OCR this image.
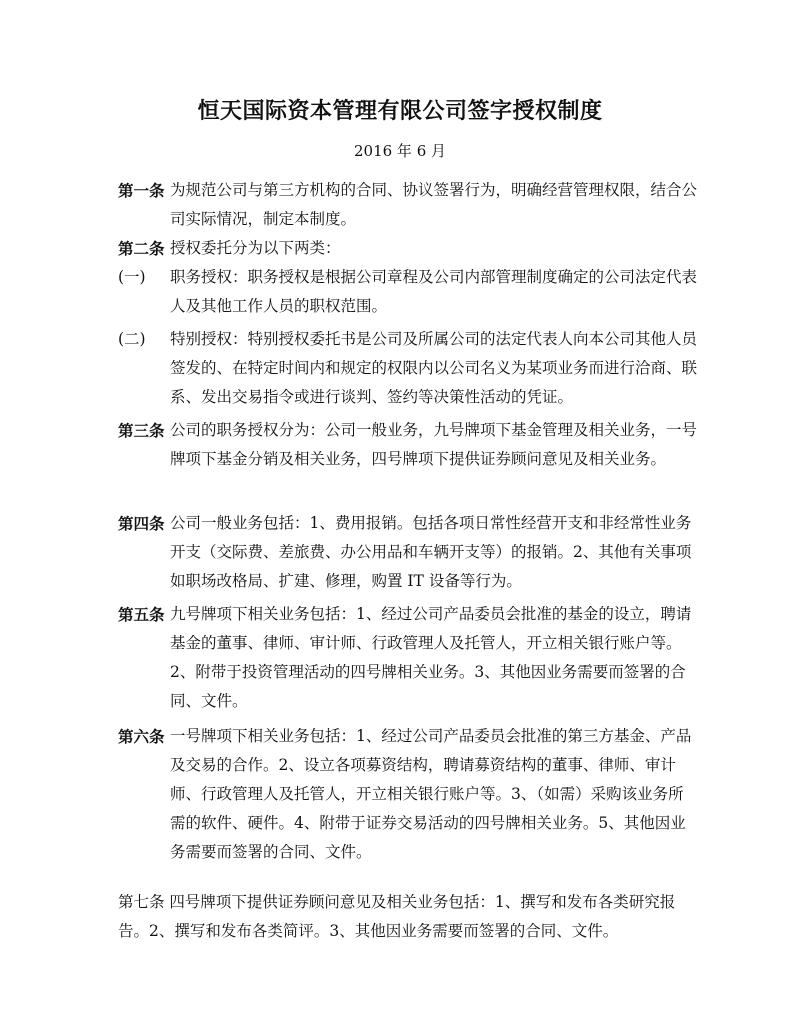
恒天国际资本管理有限公司签字授权制度
2016 年 6 月
第一条 为规范公司与第三方机构的合同、协议签署行为，明确经营管理权限，结合公司实际情况，制定本制度。
第二条 授权委托分为以下两类：
(一) 职务授权：职务授权是根据公司章程及公司内部管理制度确定的公司法定代表人及其他工作人员的职权范围。
(二) 特别授权：特别授权委托书是公司及所属公司的法定代表人向本公司其他人员签发的、在特定时间内和规定的权限内以公司名义为某项业务而进行洽商、联系、发出交易指令或进行谈判、签约等决策性活动的凭证。
第三条 公司的职务授权分为：公司一般业务，九号牌项下基金管理及相关业务，一号牌项下基金分销及相关业务，四号牌项下提供证券顾问意见及相关业务。
第四条 公司一般业务包括：1、费用报销。包括各项日常性经营开支和非经常性业务开支（交际费、差旅费、办公用品和车辆开支等）的报销。2、其他有关事项如职场改格局、扩建、修理，购置 IT 设备等行为。
第五条 九号牌项下相关业务包括：1、经过公司产品委员会批准的基金的设立，聘请基金的董事、律师、审计师、行政管理人及托管人，开立相关银行账户等。2、附带于投资管理活动的四号牌相关业务。3、其他因业务需要而签署的合同、文件。
第六条 一号牌项下相关业务包括：1、经过公司产品委员会批准的第三方基金、产品及交易的合作。2、设立各项募资结构，聘请募资结构的董事、律师、审计师、行政管理人及托管人，开立相关银行账户等。3、（如需）采购该业务所需的软件、硬件。4、附带于证券交易活动的四号牌相关业务。5、其他因业务需要而签署的合同、文件。
第七条 四号牌项下提供证券顾问意见及相关业务包括：1、撰写和发布各类研究报告。2、撰写和发布各类简评。3、其他因业务需要而签署的合同、文件。
